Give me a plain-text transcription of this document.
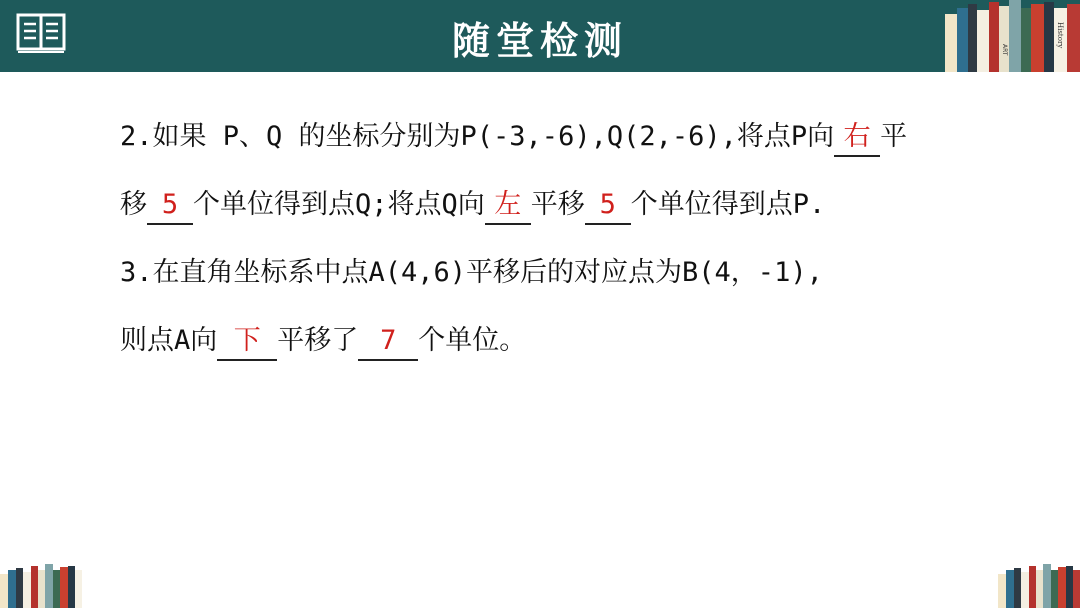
随堂检测	ART
History
2.如果 P、Q 的坐标分别为P(-3,-6),Q(2,-6),将点P向 右 平
移 5 个单位得到点Q;将点Q向 左 平移 5 个单位得到点P.
3.在直角坐标系中点A(4,6)平移后的对应点为B(4，-1),
则点A向 下 平移了 7 个单位。
